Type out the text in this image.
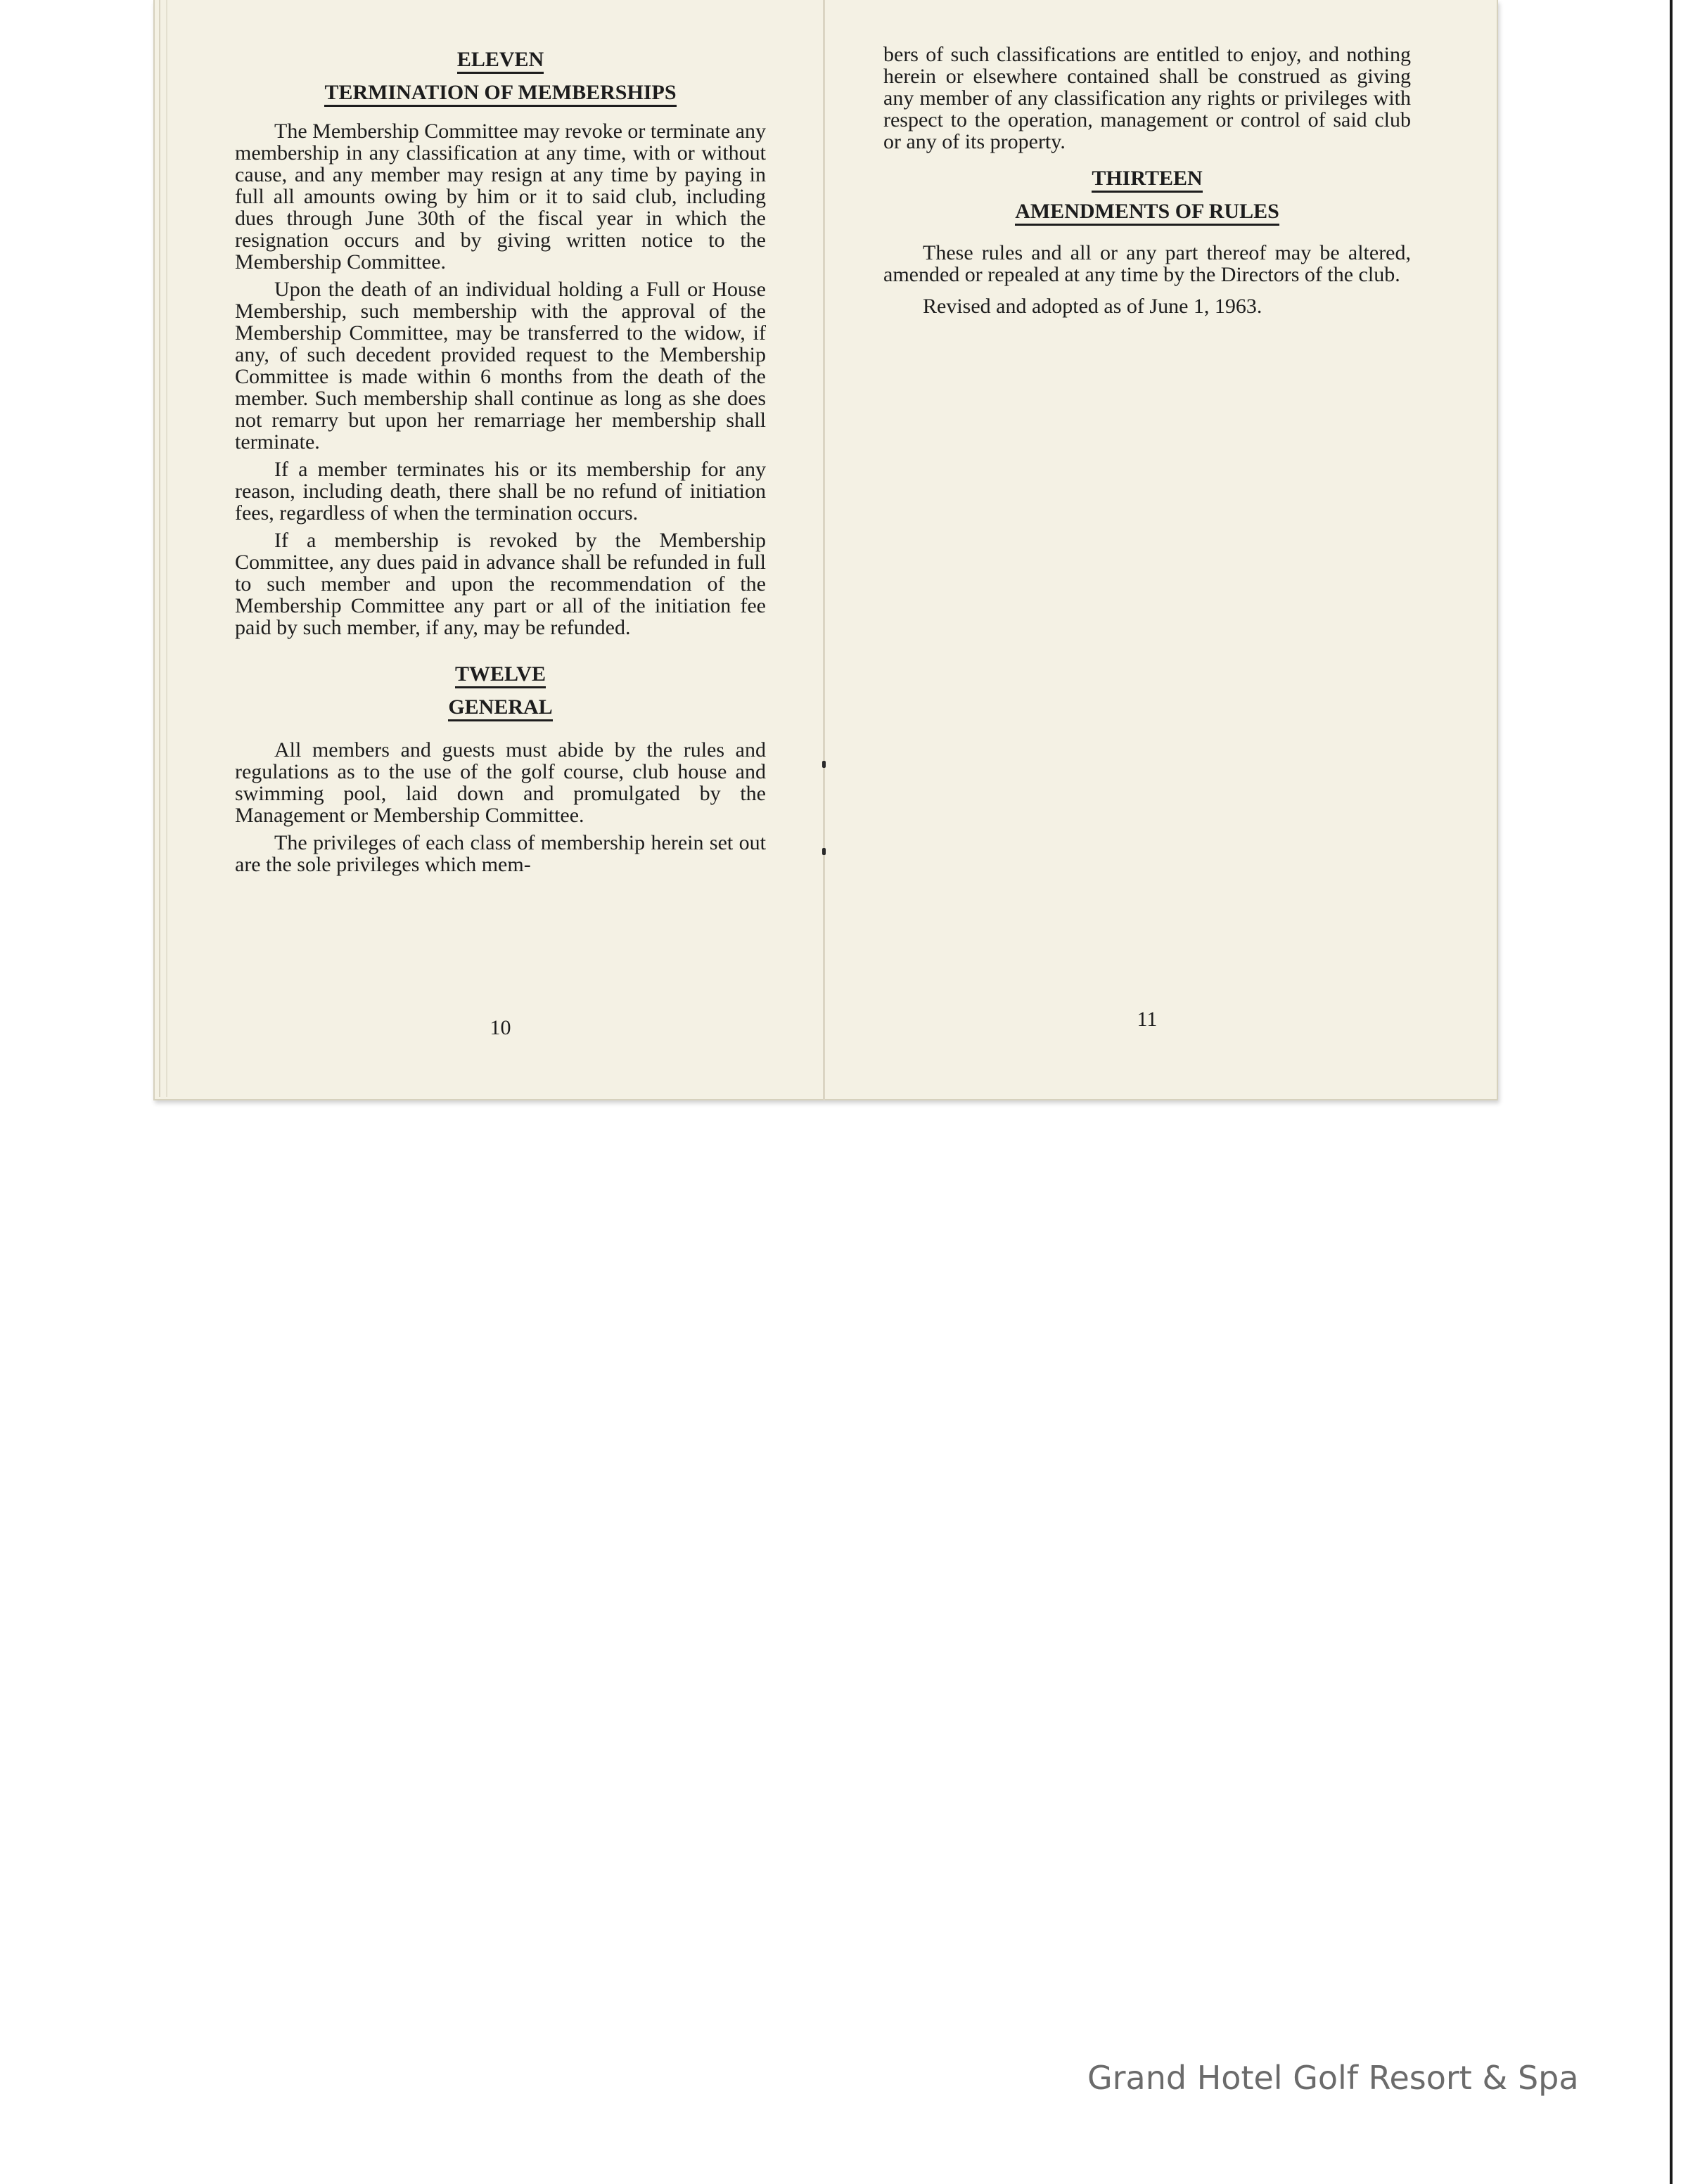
ELEVEN
TERMINATION OF MEMBERSHIPS

The Membership Committee may revoke or terminate any membership in any classification at any time, with or without cause, and any member may resign at any time by paying in full all amounts owing by him or it to said club, including dues through June 30th of the fiscal year in which the resignation occurs and by giving written notice to the Membership Committee.

Upon the death of an individual holding a Full or House Membership, such membership with the approval of the Membership Committee, may be transferred to the widow, if any, of such decedent provided request to the Membership Committee is made within 6 months from the death of the member. Such membership shall continue as long as she does not remarry but upon her remarriage her membership shall terminate.

If a member terminates his or its membership for any reason, including death, there shall be no refund of initiation fees, regardless of when the termination occurs.

If a membership is revoked by the Membership Committee, any dues paid in advance shall be refunded in full to such member and upon the recommendation of the Membership Committee any part or all of the initiation fee paid by such member, if any, may be refunded.

TWELVE
GENERAL

All members and guests must abide by the rules and regulations as to the use of the golf course, club house and swimming pool, laid down and promulgated by the Management or Membership Committee.

The privileges of each class of membership herein set out are the sole privileges which mem-

10

bers of such classifications are entitled to enjoy, and nothing herein or elsewhere contained shall be construed as giving any member of any classification any rights or privileges with respect to the operation, management or control of said club or any of its property.

THIRTEEN
AMENDMENTS OF RULES

These rules and all or any part thereof may be altered, amended or repealed at any time by the Directors of the club.

Revised and adopted as of June 1, 1963.

11
Grand Hotel Golf Resort & Spa
